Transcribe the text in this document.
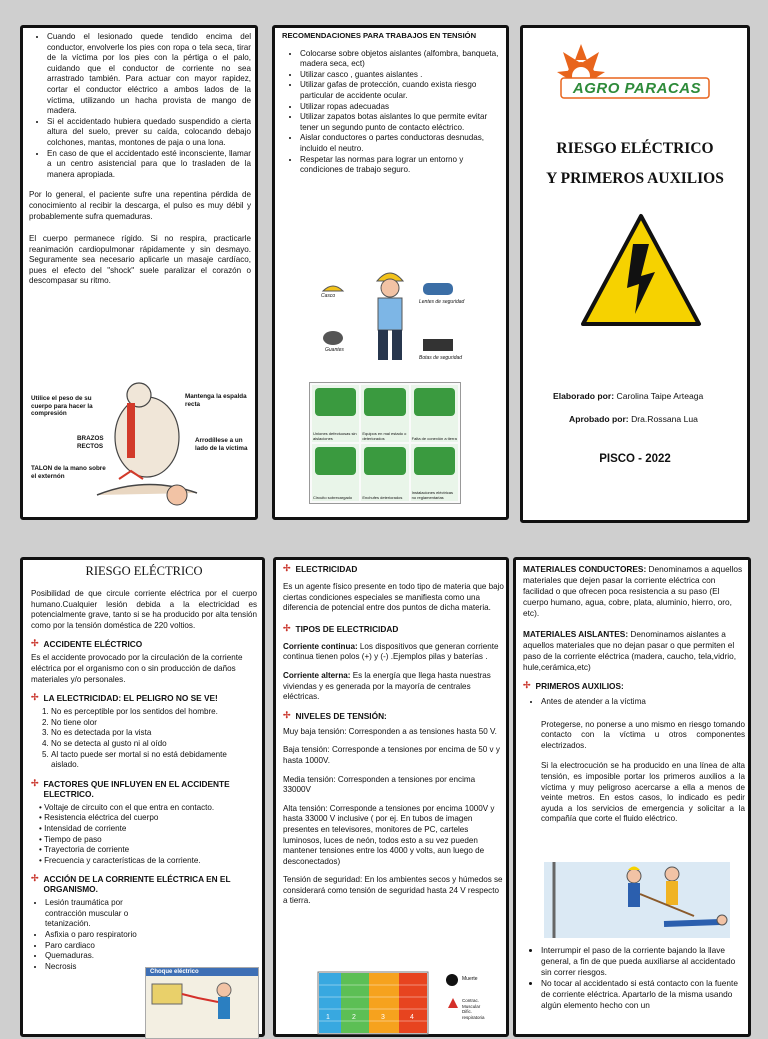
• Cuando el lesionado quede tendido encima del conductor, envolverle los pies con ropa o tela seca, tirar de la víctima por los pies con la pértiga o el palo, cuidando que el conductor de corriente no sea arrastrado también. Para actuar con mayor rapidez, cortar el conductor eléctrico a ambos lados de la víctima, utilizando un hacha provista de mango de madera.
• Si el accidentado hubiera quedado suspendido a cierta altura del suelo, prever su caída, colocando debajo colchones, mantas, montones de paja o una lona.
• En caso de que el accidentado esté inconsciente, llamar a un centro asistencial para que lo trasladen de la manera apropiada.

Por lo general, el paciente sufre una repentina pérdida de conocimiento al recibir la descarga, el pulso es muy débil y probablemente sufra quemaduras.

El cuerpo permanece rígido. Si no respira, practicarle reanimación cardiopulmonar rápidamente y sin desmayo. Seguramente sea necesario aplicarle un masaje cardíaco, pues el efecto del "shock" suele paralizar el corazón o descompasar su ritmo.

Utilice el peso de su cuerpo para hacer la compresión
Mantenga la espalda recta
BRAZOS RECTOS
Arrodíllese a un lado de la víctima
TALON de la mano sobre el externón
RECOMENDACIONES PARA TRABAJOS EN TENSIÓN
• Colocarse sobre objetos aislantes (alfombra, banqueta, madera seca, ect)
• Utilizar casco , guantes aislantes .
• Utilizar gafas de protección, cuando exista riesgo particular de accidente ocular.
• Utilizar ropas adecuadas
• Utilizar zapatos botas aislantes lo que permite evitar tener un segundo punto de contacto eléctrico.
• Aislar conductores o partes conductoras desnudas, incluido el neutro.
• Respetar las normas para lograr un entorno y condiciones de trabajo seguro.
Casco
Lentes de seguridad
Guantes
Botas de seguridad
Uniones defectuosas sin aislaciones
Equipos en mal estado o deteriorados	Falta de conexión a tierra
Circuito sobrecargado	Enchufes deteriorados
Instalaciones eléctricas no reglamentarias
AGRO PARACAS
RIESGO ELÉCTRICO
Y PRIMEROS AUXILIOS
Elaborado por: Carolina Taipe Arteaga
Aprobado por: Dra.Rossana Lua
PISCO - 2022
RIESGO ELÉCTRICO

Posibilidad de que circule corriente eléctrica por el cuerpo humano.Cualquier lesión debida a la electricidad es potencialmente grave, tanto si se ha producido por alta tensión como por la tensión doméstica de 220 voltios.

✢ ACCIDENTE ELÉCTRICO

Es el accidente provocado por la circulación de la corriente eléctrica por el organismo con o sin producción de daños materiales y/o personales.

✢ LA ELECTRICIDAD: EL PELIGRO NO SE VE!
1. No es perceptible por los sentidos del hombre.
2. No tiene olor
3. No es detectada por la vista
4. No se detecta al gusto ni al oído
5. Al tacto puede ser mortal si no está debidamente aislado.
✢ FACTORES QUE INFLUYEN EN EL ACCIDENTE ELECTRICO.
• Voltaje de circuito con el que entra en contacto.
• Resistencia eléctrica del cuerpo
• Intensidad de corriente
• Tiempo de paso
• Trayectoria de corriente
• Frecuencia y características de la corriente.
✢ ACCIÓN DE LA CORRIENTE ELÉCTRICA EN EL ORGANISMO.
• Lesión traumática por contracción muscular o tetanización.
• Asfixia o paro respiratorio
• Paro cardiaco
• Quemaduras.
• Necrosis
Choque eléctrico
✢ ELECTRICIDAD

Es un agente físico presente en todo tipo de materia que bajo ciertas condiciones especiales se manifiesta como una diferencia de potencial entre dos puntos de dicha materia.

✢ TIPOS DE ELECTRICIDAD

Corriente continua: Los dispositivos que generan corriente continua tienen polos (+) y (-) .Ejemplos pilas y baterías .

Corriente alterna: Es la energía que llega hasta nuestras viviendas y es generada por la mayoría de centrales eléctricas.

✢ NIVELES DE TENSIÓN:

Muy baja tensión: Corresponden a as tensiones hasta 50 V.

Baja tensión: Corresponde a tensiones por encima de 50 v y hasta 1000V.

Media tensión: Corresponden a tensiones por encima 33000V

Alta tensión: Corresponde a tensiones por encima 1000V y hasta 33000 V inclusive ( por ej. En tubos de imagen presentes en televisores, monitores de PC, carteles luminosos, luces de neón, todos esto a su vez pueden mantener tensiones entre los 4000 y volts, aun luego de desconectados)

Tensión de seguridad: En los ambientes secos y húmedos se considerará como tensión de seguridad hasta 24 V respecto a tierra.

1	2	3	4
Muerte
Contrac. Muscular Dific. respiratoria

MATERIALES CONDUCTORES: Denominamos a aquellos materiales que dejen pasar la corriente eléctrica con facilidad o que ofrecen poca resistencia a su paso (El cuerpo humano, agua, cobre, plata, aluminio, hierro, oro, etc).

MATERIALES AISLANTES: Denominamos aislantes a aquellos materiales que no dejan pasar o que permiten el paso de la corriente eléctrica (madera, caucho, tela,vidrio, hule,cerámica,etc)

✢ PRIMEROS AUXILIOS:
• Antes de atender a la víctima

Protegerse, no ponerse a uno mismo en riesgo tomando contacto con la víctima u otros componentes electrizados.

Si la electrocución se ha producido en una línea de alta tensión, es imposible portar los primeros auxilios a la víctima y muy peligroso acercarse a ella a menos de veinte metros. En estos casos, lo indicado es pedir ayuda a los servicios de emergencia y solicitar a la compañía que corte el fluido eléctrico.

• Interrumpir el paso de la corriente bajando la llave general, a fin de que pueda auxiliarse al accidentado sin correr riesgos.
• No tocar al accidentado si está contacto con la fuente de corriente eléctrica. Apartarlo de la misma usando algún elemento hecho con un
